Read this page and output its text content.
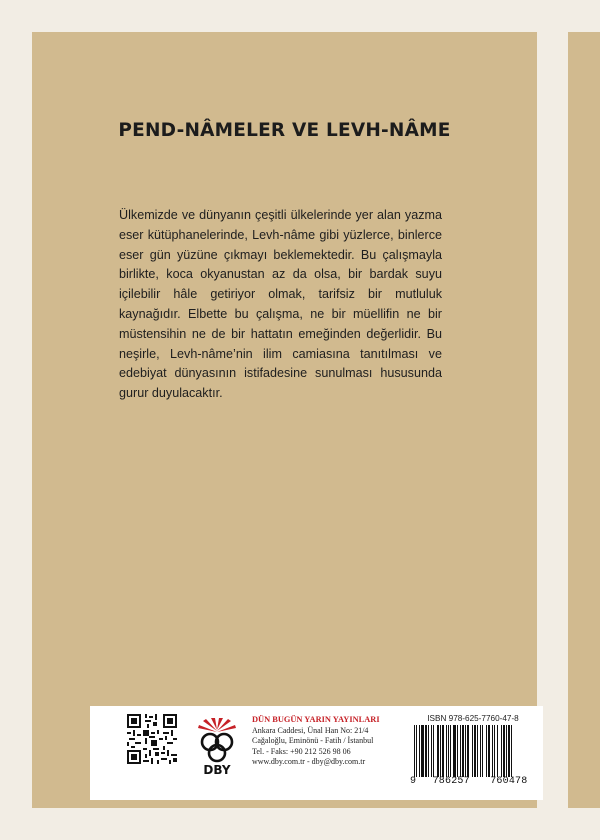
PEND-NÂMELER VE LEVH-NÂME
Ülkemizde ve dünyanın çeşitli ülkelerinde yer alan yazma eser kütüphanelerinde, Levh-nâme gibi yüzlerce, binlerce eser gün yüzüne çıkmayı beklemektedir. Bu çalışmayla birlikte, koca okyanustan az da olsa, bir bardak suyu içilebilir hâle getiriyor olmak, tarifsiz bir mutluluk kaynağıdır. Elbette bu çalışma, ne bir müellifin ne bir müstensihin ne de bir hattatın emeğinden değerlidir. Bu neşirle, Levh-nâme’nin ilim camiasına tanıtılması ve edebiyat dünyasının istifadesine sunulması hususunda gurur duyulacaktır.
DBY
DÜN BUGÜN YARIN YAYINLARI
Ankara Caddesi, Ünal Han No: 21/4
Cağaloğlu, Eminönü - Fatih / İstanbul
Tel. - Faks: +90 212 526 98 06
www.dby.com.tr - dby@dby.com.tr
ISBN 978-625-7760-47-8
9 786257 760478
